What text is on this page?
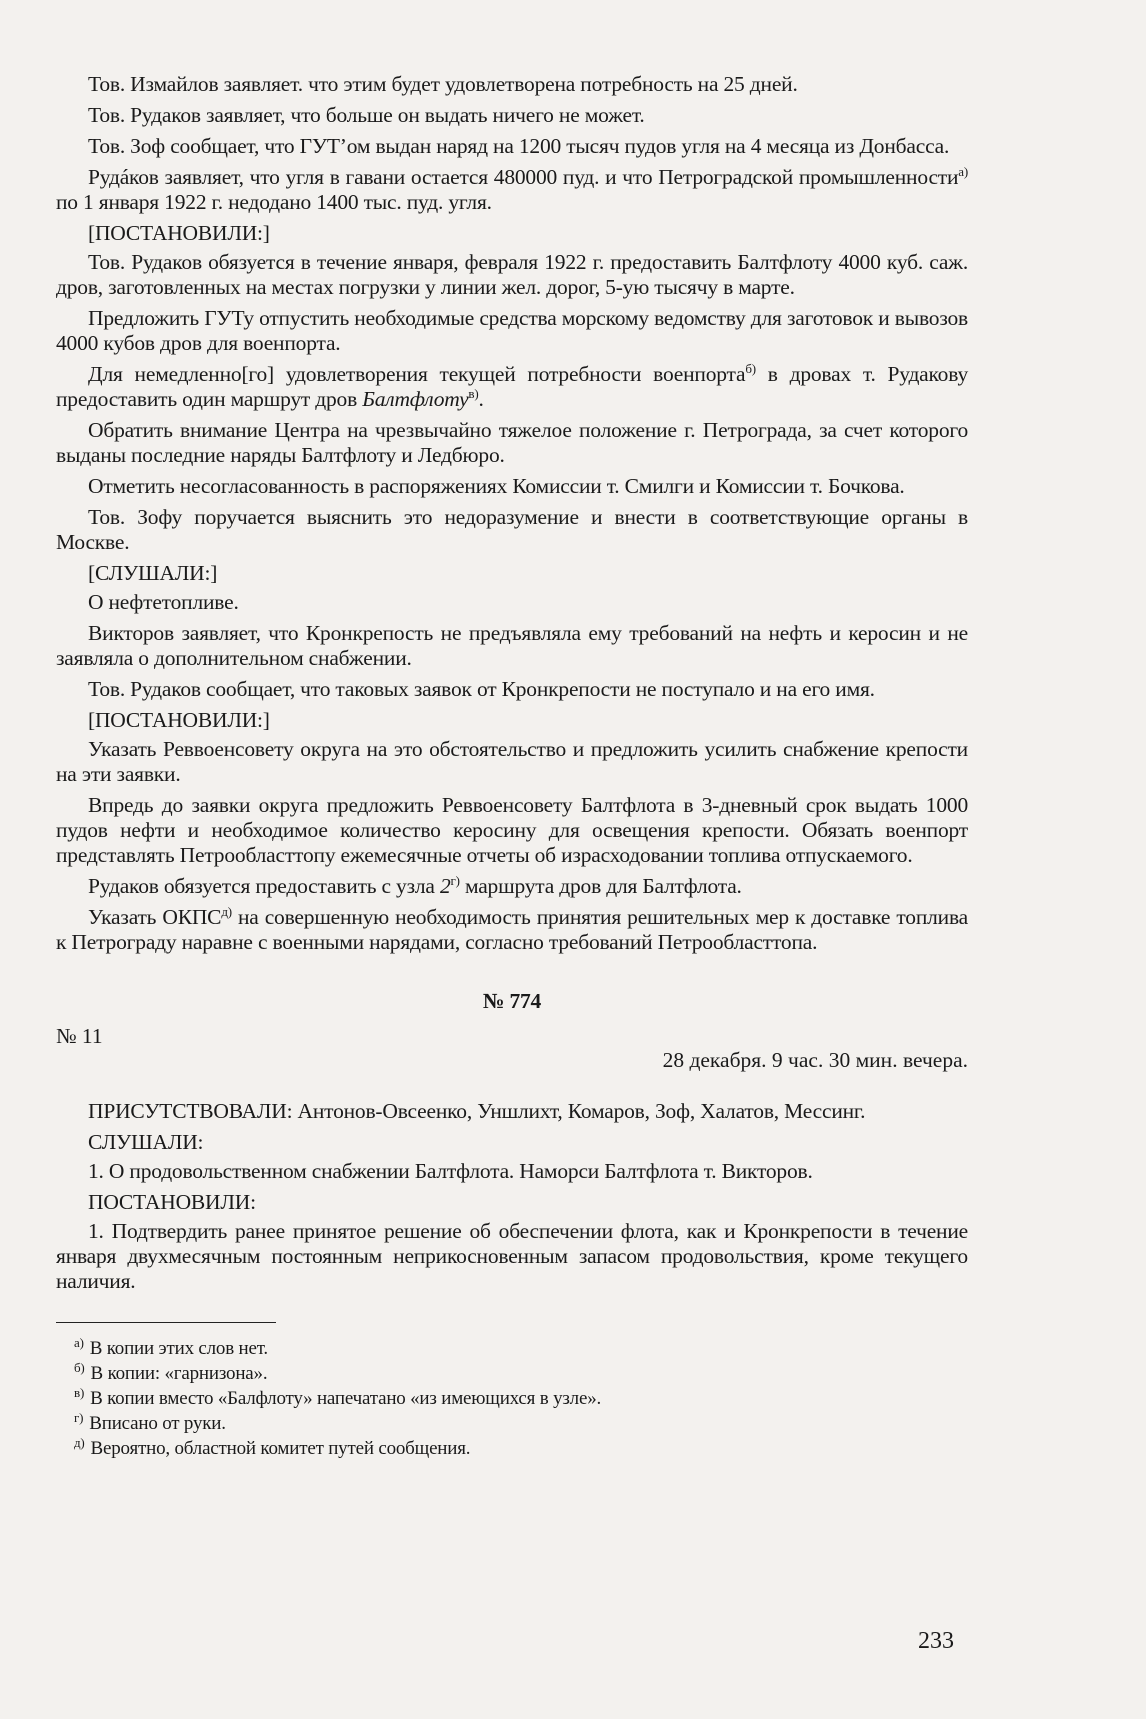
Тов. Измайлов заявляет. что этим будет удовлетворена потребность на 25 дней.

Тов. Рудаков заявляет, что больше он выдать ничего не может.

Тов. Зоф сообщает, что ГУТ’ом выдан наряд на 1200 тысяч пудов угля на 4 месяца из Донбасса.

Рудáков заявляет, что угля в гавани остается 480000 пуд. и что Петроградской промышленности$^{а)}$ по 1 января 1922 г. недодано 1400 тыс. пуд. угля.

[ПОСТАНОВИЛИ:]

Тов. Рудаков обязуется в течение января, февраля 1922 г. предоставить Балтфлоту 4000 куб. саж. дров, заготовленных на местах погрузки у линии жел. дорог, 5-ую тысячу в марте.

Предложить ГУТу отпустить необходимые средства морскому ведомству для заготовок и вывозов 4000 кубов дров для военпорта.

Для немедленно[го] удовлетворения текущей потребности военпорта$^{б)}$ в дровах т. Рудакову предоставить один маршрут дров Балтфлоту$^{в)}$.

Обратить внимание Центра на чрезвычайно тяжелое положение г. Петрограда, за счет которого выданы последние наряды Балтфлоту и Ледбюро.

Отметить несогласованность в распоряжениях Комиссии т. Смилги и Комиссии т. Бочкова.

Тов. Зофу поручается выяснить это недоразумение и внести в соответствующие органы в Москве.

[СЛУШАЛИ:]

О нефтетопливе.

Викторов заявляет, что Кронкрепость не предъявляла ему требований на нефть и керосин и не заявляла о дополнительном снабжении.

Тов. Рудаков сообщает, что таковых заявок от Кронкрепости не поступало и на его имя.

[ПОСТАНОВИЛИ:]

Указать Реввоенсовету округа на это обстоятельство и предложить усилить снабжение крепости на эти заявки.

Впредь до заявки округа предложить Реввоенсовету Балтфлота в 3-дневный срок выдать 1000 пудов нефти и необходимое количество керосину для освещения крепости. Обязать военпорт представлять Петрообласттопу ежемесячные отчеты об израсходовании топлива отпускаемого.

Рудаков обязуется предоставить с узла $2^{г)}$ маршрута дров для Балтфлота.

Указать $ОКПС^{д)}$ на совершенную необходимость принятия решительных мер к доставке топлива к Петрограду наравне с военными нарядами, согласно требований Петрообласттопа.

№ 774

№ 11
28 декабря. 9 час. 30 мин. вечера.

ПРИСУТСТВОВАЛИ: Антонов-Овсеенко, Уншлихт, Комаров, Зоф, Халатов, Мессинг.

СЛУШАЛИ:

1. О продовольственном снабжении Балтфлота. Наморси Балтфлота т. Викторов.

ПОСТАНОВИЛИ:

1. Подтвердить ранее принятое решение об обеспечении флота, как и Кронкрепости в течение января двухмесячным постоянным неприкосновенным запасом продовольствия, кроме текущего наличия.

$^{а)}$ В копии этих слов нет.

$^{б)}$ В копии: «гарнизона».

$^{в)}$ В копии вместо «Балфлоту» напечатано «из имеющихся в узле».

$^{г)}$ Вписано от руки.

$^{д)}$ Вероятно, областной комитет путей сообщения.

233
